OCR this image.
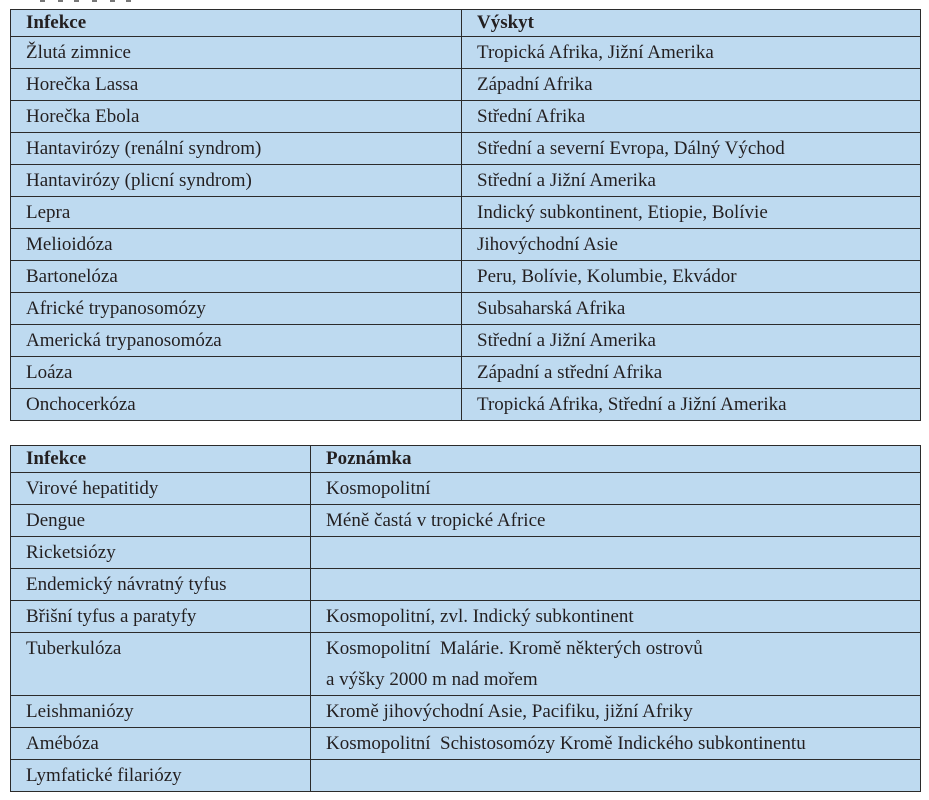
Infekce	Výskyt
Žlutá zimnice	Tropická Afrika, Jižní Amerika
Horečka Lassa	Západní Afrika
Horečka Ebola	Střední Afrika
Hantavirózy (renální syndrom)	Střední a severní Evropa, Dálný Východ
Hantavirózy (plicní syndrom)	Střední a Jižní Amerika
Lepra	Indický subkontinent, Etiopie, Bolívie
Melioidóza	Jihovýchodní Asie
Bartonelóza	Peru, Bolívie, Kolumbie, Ekvádor
Africké trypanosomózy	Subsaharská Afrika
Americká trypanosomóza	Střední a Jižní Amerika
Loáza	Západní a střední Afrika
Onchocerkóza	Tropická Afrika, Střední a Jižní Amerika
Infekce	Poznámka
Virové hepatitidy	Kosmopolitní

Dengue	Méně častá v tropické Africe

Ricketsiózy	

Endemický návratný tyfus	

Břišní tyfus a paratyfy	Kosmopolitní, zvl. Indický subkontinent

Tuberkulóza	Kosmopolitní  Malárie. Kromě některých ostrovů
a výšky 2000 m nad mořem

Leishmaniózy	Kromě jihovýchodní Asie, Pacifiku, jižní Afriky

Amébóza	Kosmopolitní  Schistosomózy Kromě Indického subkontinentu

Lymfatické filariózy	
